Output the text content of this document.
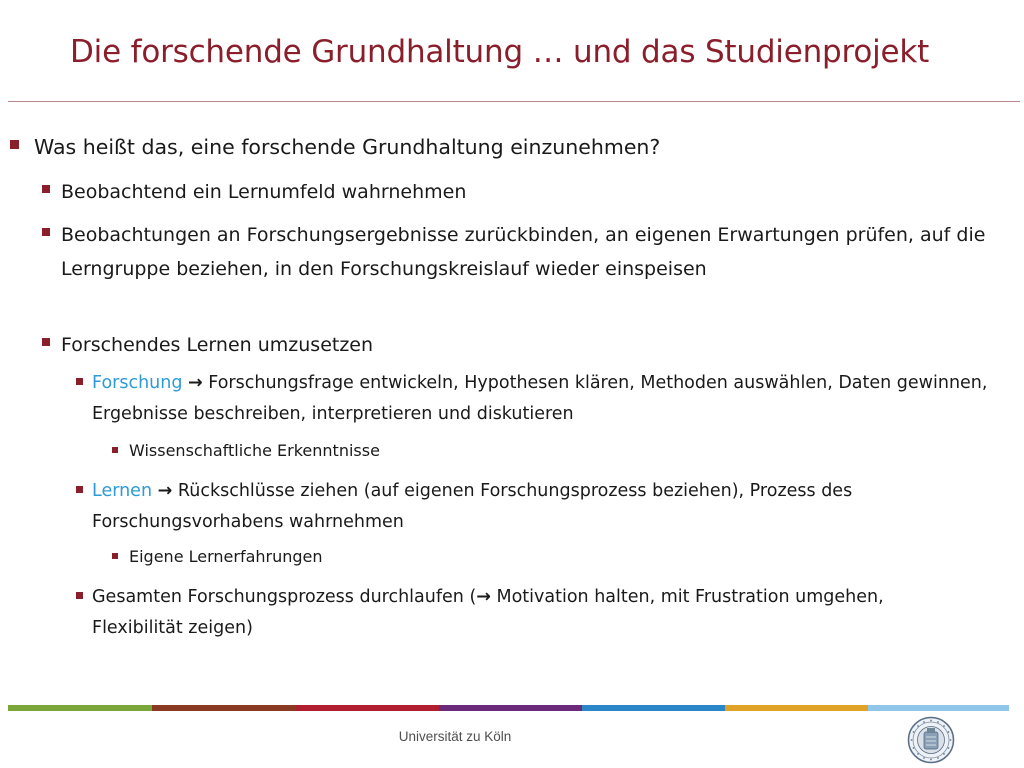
Die forschende Grundhaltung … und das Studienprojekt
Was heißt das, eine forschende Grundhaltung einzunehmen?
Beobachtend ein Lernumfeld wahrnehmen
Beobachtungen an Forschungsergebnisse zurückbinden, an eigenen Erwartungen prüfen, auf die Lerngruppe beziehen, in den Forschungskreislauf wieder einspeisen
Forschendes Lernen umzusetzen
Forschung → Forschungsfrage entwickeln, Hypothesen klären, Methoden auswählen, Daten gewinnen, Ergebnisse beschreiben, interpretieren und diskutieren
Wissenschaftliche Erkenntnisse
Lernen → Rückschlüsse ziehen (auf eigenen Forschungsprozess beziehen), Prozess des Forschungsvorhabens wahrnehmen
Eigene Lernerfahrungen
Gesamten Forschungsprozess durchlaufen (→ Motivation halten, mit Frustration umgehen, Flexibilität zeigen)
Universität zu Köln
